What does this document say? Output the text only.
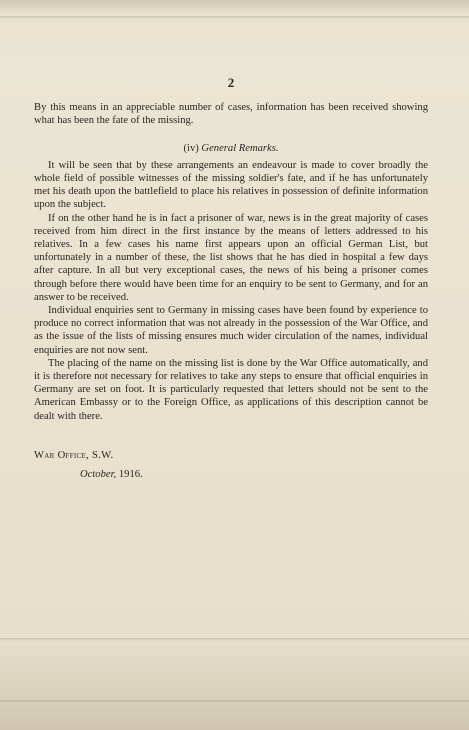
2

By this means in an appreciable number of cases, information has been received showing what has been the fate of the missing.

(iv) General Remarks.

It will be seen that by these arrangements an endeavour is made to cover broadly the whole field of possible witnesses of the missing soldier's fate, and if he has unfortunately met his death upon the battlefield to place his relatives in possession of definite information upon the subject.

If on the other hand he is in fact a prisoner of war, news is in the great majority of cases received from him direct in the first instance by the means of letters addressed to his relatives. In a few cases his name first appears upon an official German List, but unfortunately in a number of these, the list shows that he has died in hospital a few days after capture. In all but very exceptional cases, the news of his being a prisoner comes through before there would have been time for an enquiry to be sent to Germany, and for an answer to be received.

Individual enquiries sent to Germany in missing cases have been found by experience to produce no correct information that was not already in the possession of the War Office, and as the issue of the lists of missing ensures much wider circulation of the names, individual enquiries are not now sent.

The placing of the name on the missing list is done by the War Office automatically, and it is therefore not necessary for relatives to take any steps to ensure that official enquiries in Germany are set on foot. It is particularly requested that letters should not be sent to the American Embassy or to the Foreign Office, as applications of this description cannot be dealt with there.

War Office, S.W.
October, 1916.
